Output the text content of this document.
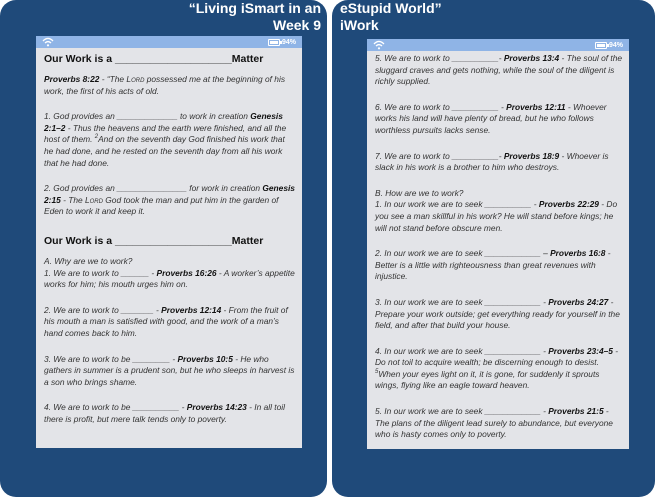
“Living iSmart in an
Week 9
94%
Our Work is a ____________________Matter
Proverbs 8:22 - “The Lord possessed me at the beginning of his work, the first of his acts of old.
1. God provides an _____________ to work in creation Genesis 2:1–2 - Thus the heavens and the earth were finished, and all the host of them. $^2$And on the seventh day God finished his work that he had done, and he rested on the seventh day from all his work that he had done.
2. God provides an _______________ for work in creation Genesis 2:15 - The Lord God took the man and put him in the garden of Eden to work it and keep it.
Our Work is a ____________________Matter
A. Why are we to work?
1. We are to work to ______ - Proverbs 16:26 - A worker’s appetite works for him; his mouth urges him on.
2. We are to work to _______ - Proverbs 12:14 - From the fruit of his mouth a man is satisfied with good, and the work of a man’s hand comes back to him.
3. We are to work to be ________ - Proverbs 10:5 - He who gathers in summer is a prudent son, but he who sleeps in harvest is a son who brings shame.
4. We are to work to be __________ - Proverbs 14:23 - In all toil there is profit, but mere talk tends only to poverty.
eStupid World”
iWork
94%
5. We are to work to __________- Proverbs 13:4 - The soul of the sluggard craves and gets nothing, while the soul of the diligent is richly supplied.
6. We are to work to __________ - Proverbs 12:11 - Whoever works his land will have plenty of bread, but he who follows worthless pursuits lacks sense.
7. We are to work to __________- Proverbs 18:9 - Whoever is slack in his work is a brother to him who destroys.
B. How are we to work?
1. In our work we are to seek __________ - Proverbs 22:29 - Do you see a man skillful in his work? He will stand before kings; he will not stand before obscure men.
2. In our work we are to seek ____________ – Proverbs 16:8 - Better is a little with righteousness than great revenues with injustice.
3. In our work we are to seek ____________ - Proverbs 24:27 - Prepare your work outside; get everything ready for yourself in the field, and after that build your house.
4. In our work we are to seek ____________ - Proverbs 23:4–5 - Do not toil to acquire wealth; be discerning enough to desist. $^5$When your eyes light on it, it is gone, for suddenly it sprouts wings, flying like an eagle toward heaven.
5. In our work we are to seek ____________ - Proverbs 21:5 - The plans of the diligent lead surely to abundance, but everyone who is hasty comes only to poverty.
